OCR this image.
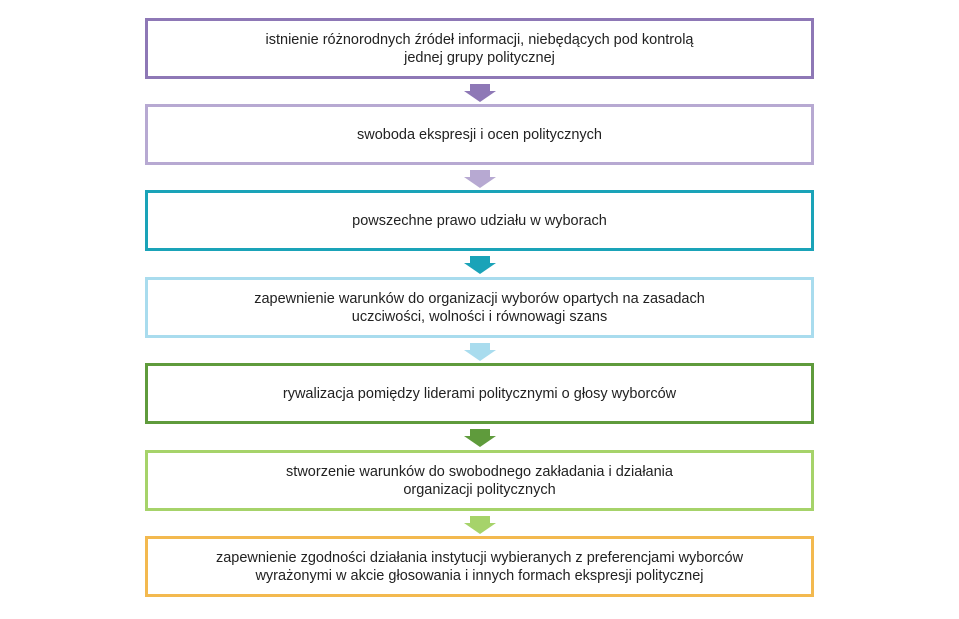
istnienie różnorodnych źródeł informacji, niebędących pod kontrolą
jednej grupy politycznej
swoboda ekspresji i ocen politycznych
powszechne prawo udziału w wyborach
zapewnienie warunków do organizacji wyborów opartych na zasadach
uczciwości, wolności i równowagi szans
rywalizacja pomiędzy liderami politycznymi o głosy wyborców
stworzenie warunków do swobodnego zakładania i działania
organizacji politycznych
zapewnienie zgodności działania instytucji wybieranych z preferencjami wyborców
wyrażonymi w akcie głosowania i innych formach ekspresji politycznej
